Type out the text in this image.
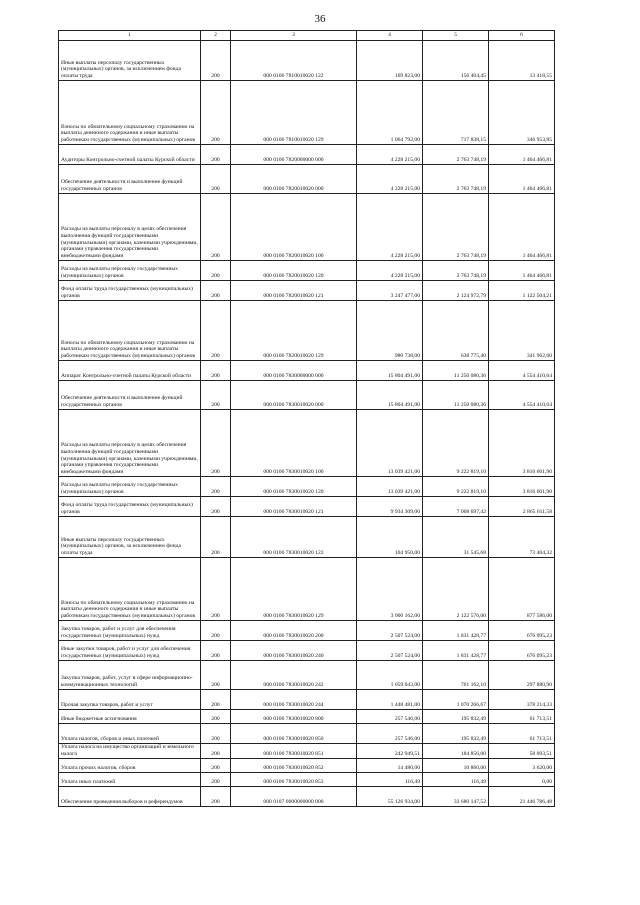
36
1	2	3	4	5	6
Иные выплаты персоналу государственных (муниципальных) органов, за исключением фонда оплаты труда	200	000 0106 7810010020 122	169 823,00	156 404,45	13 418,55
Взносы по обязательному социальному страхованию на выплаты денежного содержания и иные выплаты работникам государственных (муниципальных) органов	200	000 0106 7810010020 129	1 064 792,00	717 838,15	346 953,85
Аудиторы Контрольно-счетной палаты Курской области	200	000 0106 7820000000 000	4 228 215,00	2 763 748,19	1 464 466,81
Обеспечение деятельности и выполнение функций государственных органов	200	000 0106 7820010020 000	4 228 215,00	2 763 748,19	1 464 466,81
Расходы на выплаты персоналу в целях обеспечения выполнения функций государственными (муниципальными) органами, казенными учреждениями, органами управления государственными внебюджетными фондами	200	000 0106 7820010020 100	4 228 215,00	2 763 748,19	1 464 466,81
Расходы на выплаты персоналу государственных (муниципальных) органов	200	000 0106 7820010020 120	4 228 215,00	2 763 748,19	1 464 466,81
Фонд оплаты труда государственных (муниципальных) органов	200	000 0106 7820010020 121	3 247 477,00	2 124 972,79	1 122 504,21
Взносы по обязательному социальному страхованию на выплаты денежного содержания и иные выплаты работникам государственных (муниципальных) органов	200	000 0106 7820010020 129	980 738,00	638 775,40	341 962,60
Аппарат Контрольно-счетной палаты Курской области	200	000 0106 7830000000 000	15 804 491,00	11 250 080,36	4 554 410,64
Обеспечение деятельности и выполнение функций государственных органов	200	000 0106 7830010020 000	15 804 491,00	11 250 080,36	4 554 410,64
Расходы на выплаты персоналу в целях обеспечения выполнения функций государственными (муниципальными) органами, казенными учреждениями, органами управления государственными внебюджетными фондами	200	000 0106 7830010020 100	13 039 421,00	9 222 819,10	3 816 601,90
Расходы на выплаты персоналу государственных (муниципальных) органов	200	000 0106 7830010020 120	13 039 421,00	9 222 819,10	3 816 601,90
Фонд оплаты труда государственных (муниципальных) органов	200	000 0106 7830010020 121	9 934 309,00	7 068 697,42	2 865 611,58
Иные выплаты персоналу государственных (муниципальных) органов, за исключением фонда оплаты труда	200	000 0106 7830010020 122	104 950,00	31 545,68	73 404,32
Взносы по обязательному социальному страхованию на выплаты денежного содержания и иные выплаты работникам государственных (муниципальных) органов	200	000 0106 7830010020 129	3 000 162,00	2 122 576,00	877 586,00
Закупка товаров, работ и услуг для обеспечения государственных (муниципальных) нужд	200	000 0106 7830010020 200	2 507 524,00	1 831 428,77	676 095,23
Иные закупки товаров, работ и услуг для обеспечения государственных (муниципальных) нужд	200	000 0106 7830010020 240	2 507 524,00	1 831 428,77	676 095,23
Закупка товаров, работ, услуг в сфере информационно-коммуникационных технологий	200	000 0106 7830010020 242	1 059 043,00	761 162,10	297 880,90
Прочая закупка товаров, работ и услуг	200	000 0106 7830010020 244	1 448 481,00	1 070 266,67	378 214,33
Иные бюджетные ассигнования	200	000 0106 7830010020 800	257 546,00	195 832,49	61 713,51
Уплата налогов, сборов и иных платежей	200	000 0106 7830010020 850	257 546,00	195 832,49	61 713,51
Уплата налога на имущество организаций и земельного налога	200	000 0106 7830010020 851	242 949,51	184 856,00	58 093,51
Уплата прочих налогов, сборов	200	000 0106 7830010020 852	14 480,00	10 860,00	3 620,00
Уплата иных платежей	200	000 0106 7830010020 853	116,49	116,49	0,00
Обеспечение проведения выборов и референдумов	200	000 0107 0000000000 000	55 126 934,00	33 680 147,52	21 446 786,48
